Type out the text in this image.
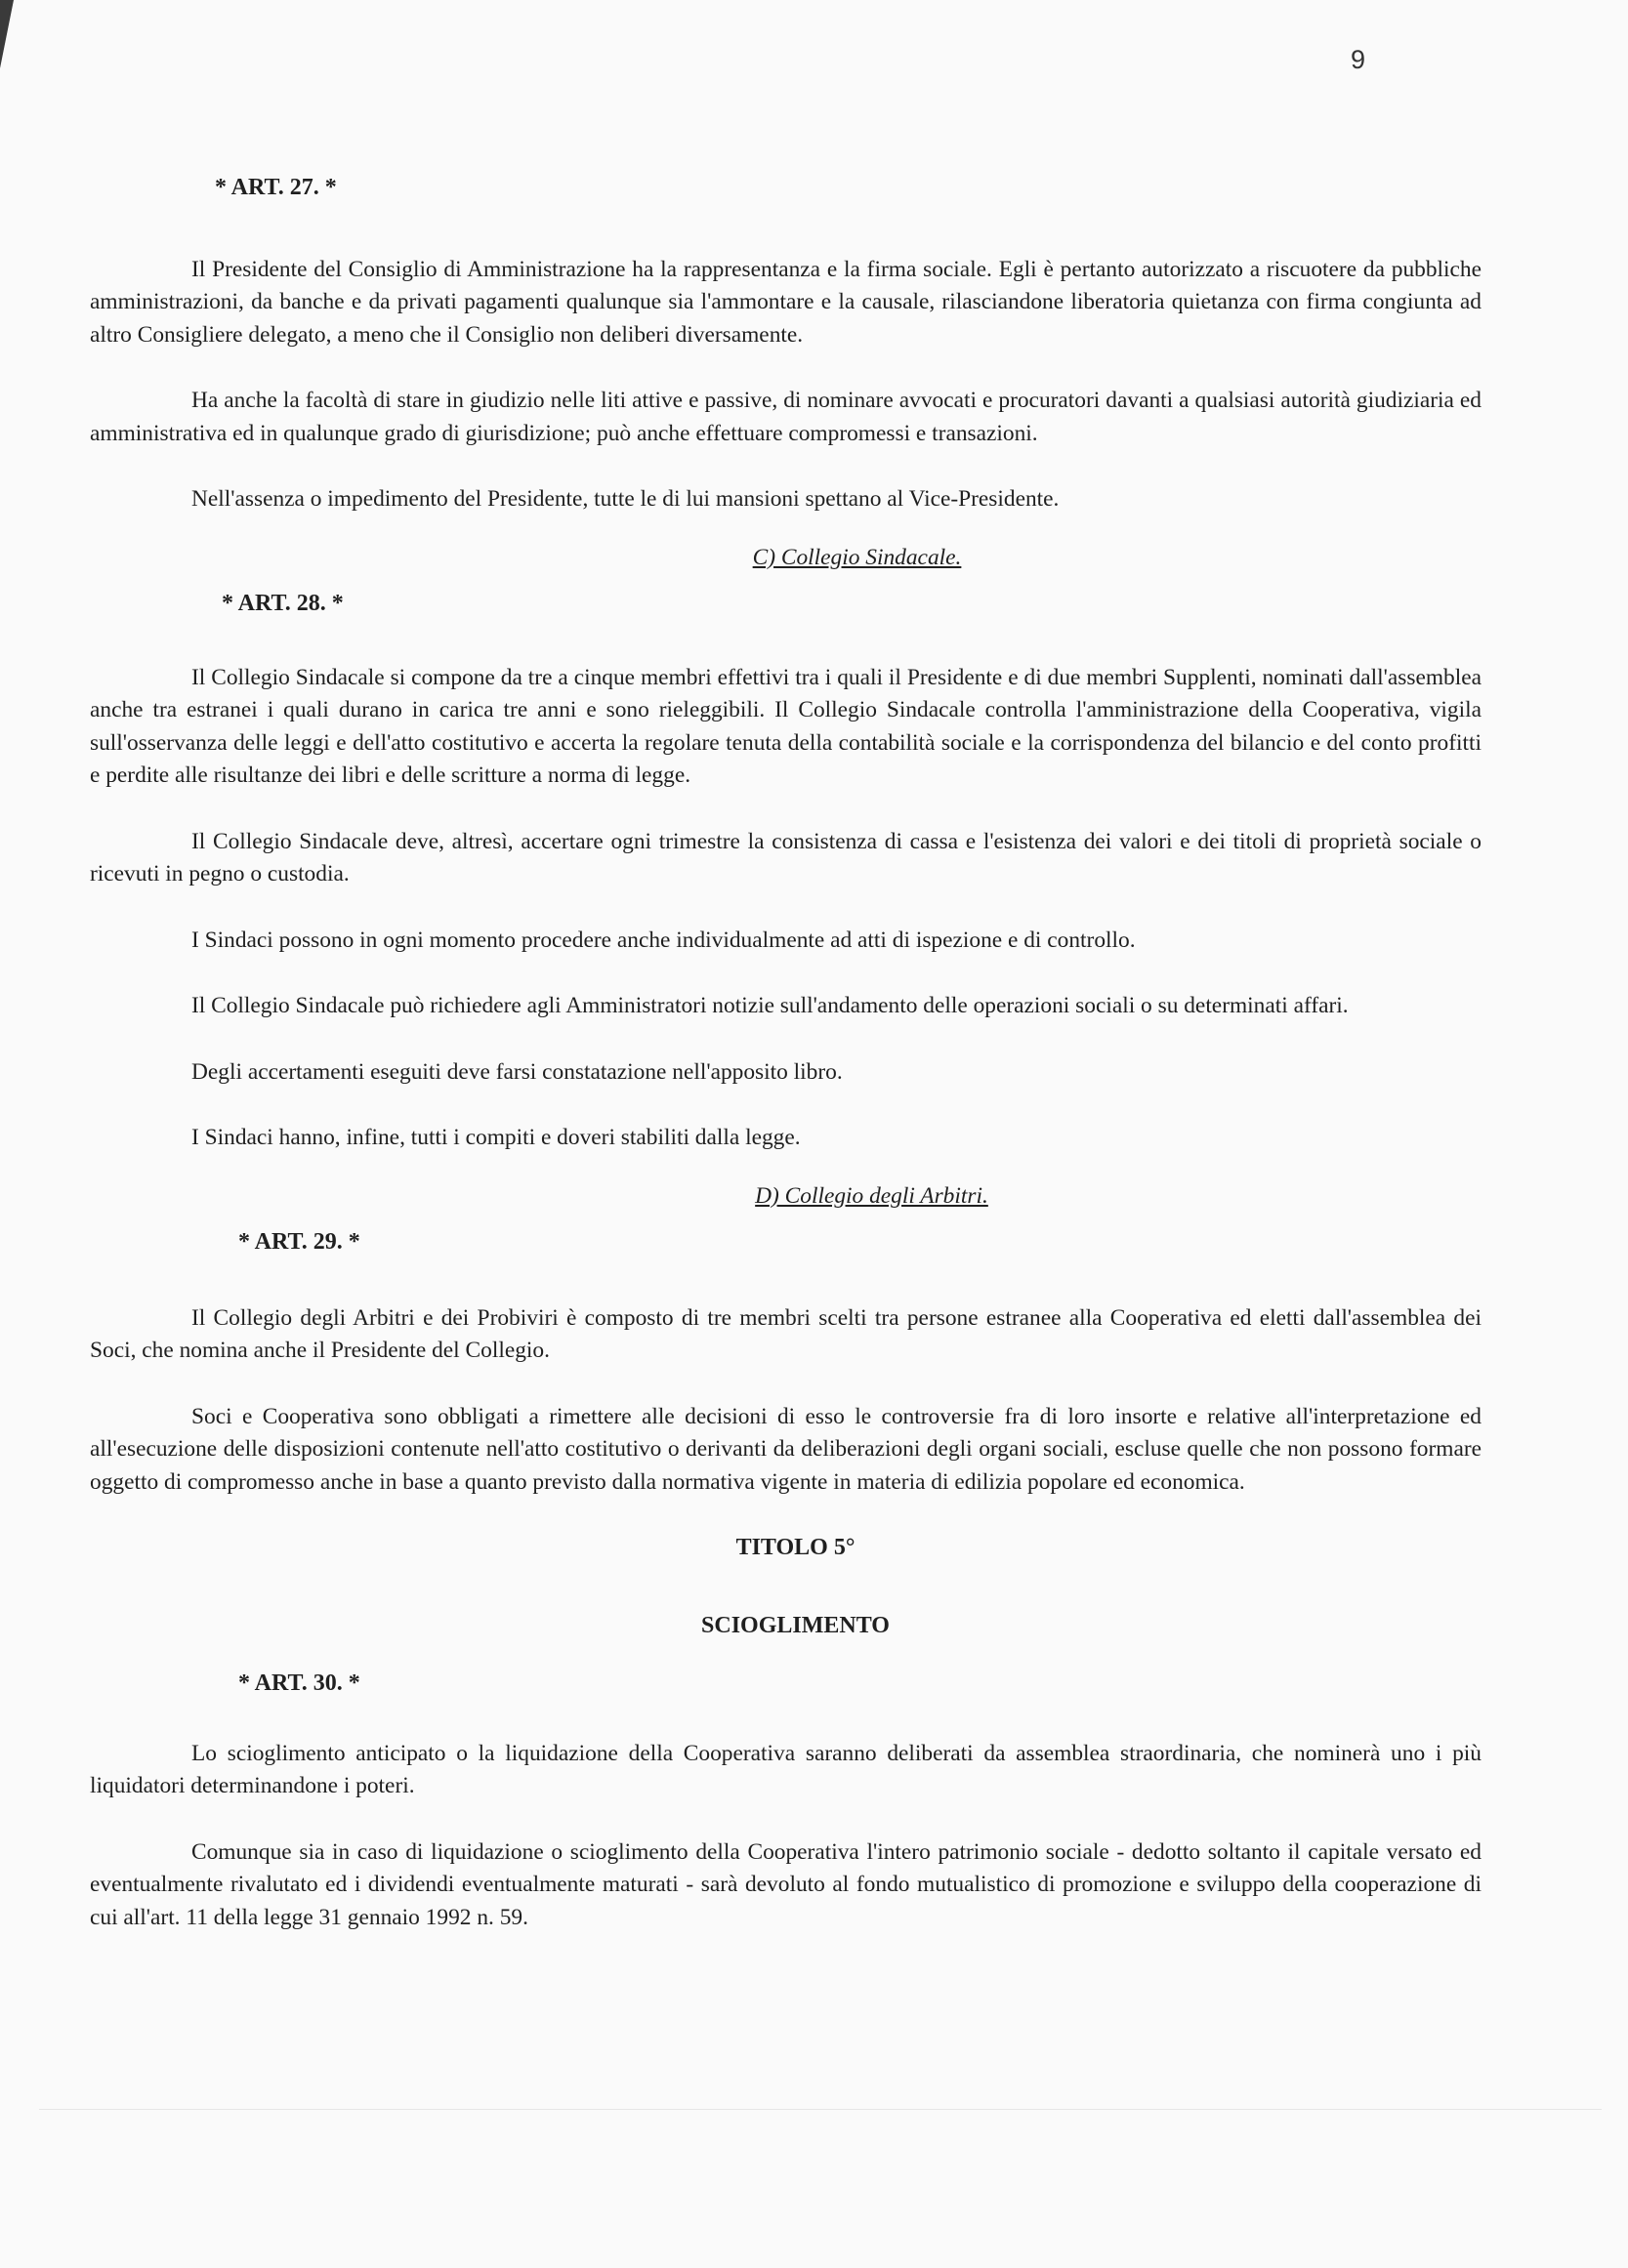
9
* ART. 27. *

Il Presidente del Consiglio di Amministrazione ha la rappresentanza e la firma sociale. Egli è pertanto autorizzato a riscuotere da pubbliche amministrazioni, da banche e da privati pagamenti qualunque sia l'ammontare e la causale, rilasciandone liberatoria quietanza con firma congiunta ad altro Consigliere delegato, a meno che il Consiglio non deliberi diversamente.

Ha anche la facoltà di stare in giudizio nelle liti attive e passive, di nominare avvocati e procuratori davanti a qualsiasi autorità giudiziaria ed amministrativa ed in qualunque grado di giurisdizione; può anche effettuare compromessi e transazioni.

Nell'assenza o impedimento del Presidente, tutte le di lui mansioni spettano al Vice-Presidente.

C) Collegio Sindacale.
* ART. 28. *

Il Collegio Sindacale si compone da tre a cinque membri effettivi tra i quali il Presidente e di due membri Supplenti, nominati dall'assemblea anche tra estranei i quali durano in carica tre anni e sono rieleggibili. Il Collegio Sindacale controlla l'amministrazione della Cooperativa, vigila sull'osservanza delle leggi e dell'atto costitutivo e accerta la regolare tenuta della contabilità sociale e la corrispondenza del bilancio e del conto profitti e perdite alle risultanze dei libri e delle scritture a norma di legge.

Il Collegio Sindacale deve, altresì, accertare ogni trimestre la consistenza di cassa e l'esistenza dei valori e dei titoli di proprietà sociale o ricevuti in pegno o custodia.

I Sindaci possono in ogni momento procedere anche individualmente ad atti di ispezione e di controllo.

Il Collegio Sindacale può richiedere agli Amministratori notizie sull'andamento delle operazioni sociali o su determinati affari.

Degli accertamenti eseguiti deve farsi constatazione nell'apposito libro.

I Sindaci hanno, infine, tutti i compiti e doveri stabiliti dalla legge.

D) Collegio degli Arbitri.
* ART. 29. *

Il Collegio degli Arbitri e dei Probiviri è composto di tre membri scelti tra persone estranee alla Cooperativa ed eletti dall'assemblea dei Soci, che nomina anche il Presidente del Collegio.

Soci e Cooperativa sono obbligati a rimettere alle decisioni di esso le controversie fra di loro insorte e relative all'interpretazione ed all'esecuzione delle disposizioni contenute nell'atto costitutivo o derivanti da deliberazioni degli organi sociali, escluse quelle che non possono formare oggetto di compromesso anche in base a quanto previsto dalla normativa vigente in materia di edilizia popolare ed economica.

TITOLO 5°
SCIOGLIMENTO
* ART. 30. *

Lo scioglimento anticipato o la liquidazione della Cooperativa saranno deliberati da assemblea straordinaria, che nominerà uno i più liquidatori determinandone i poteri.

Comunque sia in caso di liquidazione o scioglimento della Cooperativa l'intero patrimonio sociale - dedotto soltanto il capitale versato ed eventualmente rivalutato ed i dividendi eventualmente maturati - sarà devoluto al fondo mutualistico di promozione e sviluppo della cooperazione di cui all'art. 11 della legge 31 gennaio 1992 n. 59.
